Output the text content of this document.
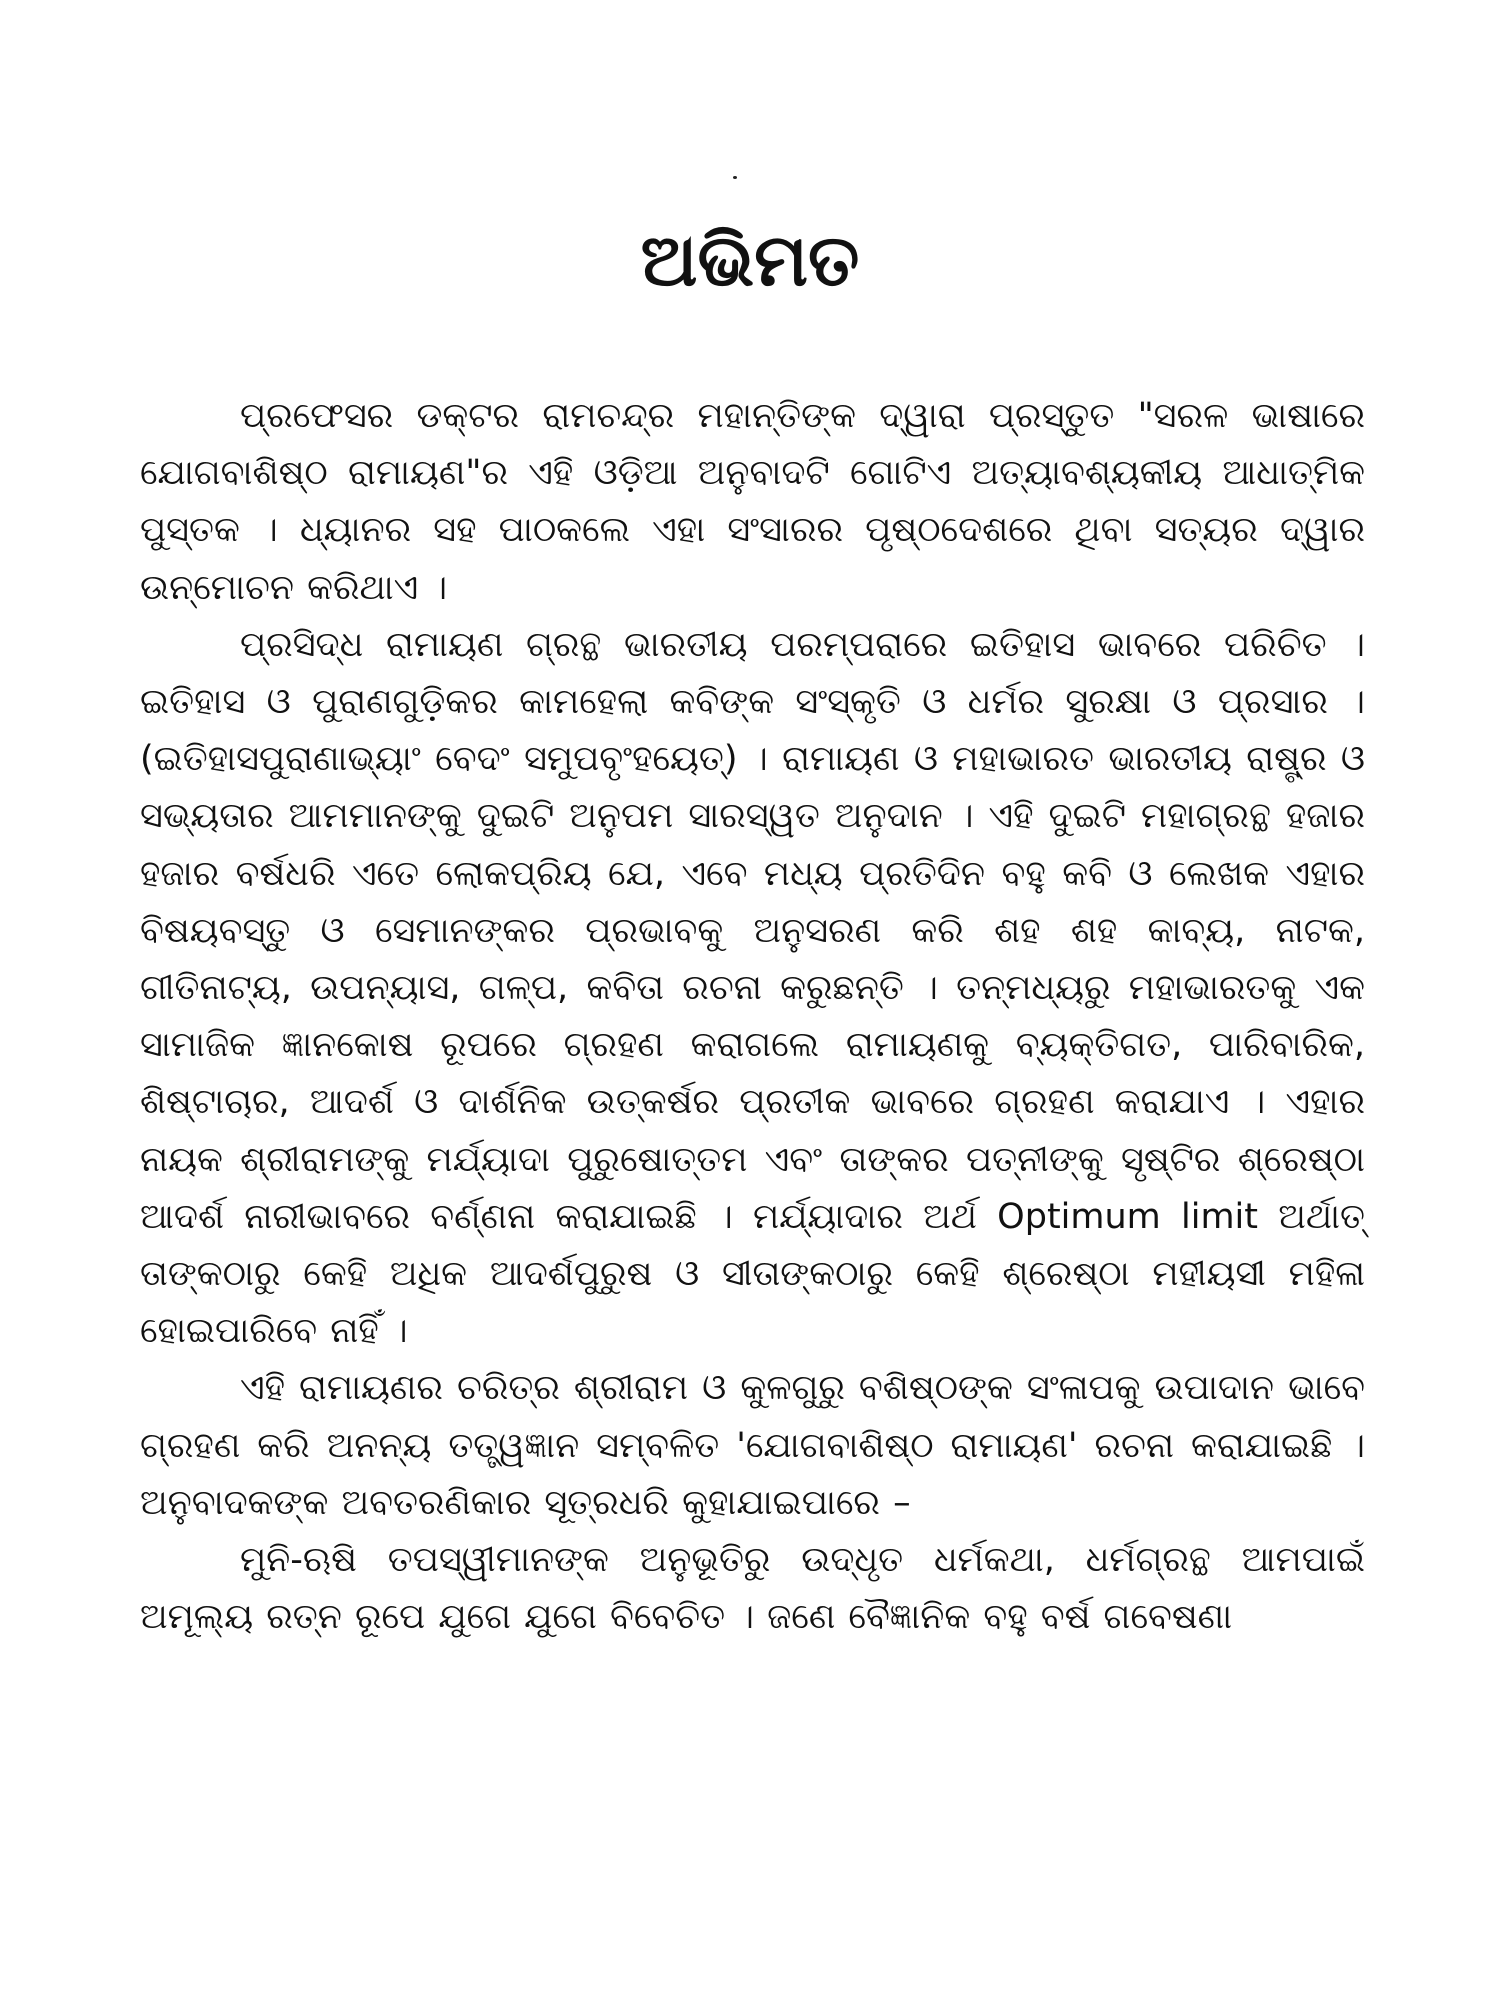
ଅଭିମତ

ପ୍ରଫେସର ଡକ୍ଟର ରାମଚନ୍ଦ୍ର ମହାନ୍ତିଙ୍କ ଦ୍ୱାରା ପ୍ରସ୍ତୁତ "ସରଳ ଭାଷାରେ ଯୋଗବାଶିଷ୍ଠ ରାମାୟଣ"ର ଏହି ଓଡ଼ିଆ ଅନୁବାଦଟି ଗୋଟିଏ ଅତ୍ୟାବଶ୍ୟକୀୟ ଆଧାତ୍ମିକ ପୁସ୍ତକ । ଧ୍ୟାନର ସହ ପାଠକଲେ ଏହା ସଂସାରର ପୃଷ୍ଠଦେଶରେ ଥିବା ସତ୍ୟର ଦ୍ୱାର ଉନ୍ମୋଚନ କରିଥାଏ ।

ପ୍ରସିଦ୍ଧ ରାମାୟଣ ଗ୍ରନ୍ଥ ଭାରତୀୟ ପରମ୍ପରାରେ ଇତିହାସ ଭାବରେ ପରିଚିତ । ଇତିହାସ ଓ ପୁରାଣଗୁଡ଼ିକର କାମହେଲା କବିଙ୍କ ସଂସ୍କୃତି ଓ ଧର୍ମର ସୁରକ୍ଷା ଓ ପ୍ରସାର । (ଇତିହାସପୁରାଣାଭ୍ୟାଂ ବେଦଂ ସମୁପବୃଂହୟେତ୍) । ରାମାୟଣ ଓ ମହାଭାରତ ଭାରତୀୟ ରାଷ୍ଟ୍ର ଓ ସଭ୍ୟତାର ଆମମାନଙ୍କୁ ଦୁଇଟି ଅନୁପମ ସାରସ୍ୱତ ଅନୁଦାନ । ଏହି ଦୁଇଟି ମହାଗ୍ରନ୍ଥ ହଜାର ହଜାର ବର୍ଷଧରି ଏତେ ଲୋକପ୍ରିୟ ଯେ, ଏବେ ମଧ୍ୟ ପ୍ରତିଦିନ ବହୁ କବି ଓ ଲେଖକ ଏହାର ବିଷୟବସ୍ତୁ ଓ ସେମାନଙ୍କର ପ୍ରଭାବକୁ ଅନୁସରଣ କରି ଶହ ଶହ କାବ୍ୟ, ନାଟକ, ଗୀତିନାଟ୍ୟ, ଉପନ୍ୟାସ, ଗଳ୍ପ, କବିତା ରଚନା କରୁଛନ୍ତି । ତନ୍ମଧ୍ୟରୁ ମହାଭାରତକୁ ଏକ ସାମାଜିକ ଜ୍ଞାନକୋଷ ରୂପରେ ଗ୍ରହଣ କରାଗଲେ ରାମାୟଣକୁ ବ୍ୟକ୍ତିଗତ, ପାରିବାରିକ, ଶିଷ୍ଟାଚାର, ଆଦର୍ଶ ଓ ଦାର୍ଶନିକ ଉତ୍କର୍ଷର ପ୍ରତୀକ ଭାବରେ ଗ୍ରହଣ କରାଯାଏ । ଏହାର ନାୟକ ଶ୍ରୀରାମଙ୍କୁ ମର୍ଯ୍ୟାଦା ପୁରୁଷୋତ୍ତମ ଏବଂ ତାଙ୍କର ପତ୍ନୀଙ୍କୁ ସୃଷ୍ଟିର ଶ୍ରେଷ୍ଠା ଆଦର୍ଶ ନାରୀଭାବରେ ବର୍ଣ୍ଣନା କରାଯାଇଛି । ମର୍ଯ୍ୟାଦାର ଅର୍ଥ Optimum limit ଅର୍ଥାତ୍ ତାଙ୍କଠାରୁ କେହି ଅଧିକ ଆଦର୍ଶପୁରୁଷ ଓ ସୀତାଙ୍କଠାରୁ କେହି ଶ୍ରେଷ୍ଠା ମହୀୟସୀ ମହିଳା ହୋଇପାରିବେ ନାହିଁ ।

ଏହି ରାମାୟଣର ଚରିତ୍ର ଶ୍ରୀରାମ ଓ କୁଳଗୁରୁ ବଶିଷ୍ଠଙ୍କ ସଂଳାପକୁ ଉପାଦାନ ଭାବେ ଗ୍ରହଣ କରି ଅନନ୍ୟ ତତ୍ତ୍ୱଜ୍ଞାନ ସମ୍ବଳିତ 'ଯୋଗବାଶିଷ୍ଠ ରାମାୟଣ' ରଚନା କରାଯାଇଛି । ଅନୁବାଦକଙ୍କ ଅବତରଣିକାର ସୂତ୍ରଧରି କୁହାଯାଇପାରେ –

ମୁନି-ଋଷି ତପସ୍ୱୀମାନଙ୍କ ଅନୁଭୂତିରୁ ଉଦ୍ଧୃତ ଧର୍ମକଥା, ଧର୍ମଗ୍ରନ୍ଥ ଆମପାଇଁ ଅମୂଲ୍ୟ ରତ୍ନ ରୂପେ ଯୁଗେ ଯୁଗେ ବିବେଚିତ । ଜଣେ ବୈଜ୍ଞାନିକ ବହୁ ବର୍ଷ ଗବେଷଣା
